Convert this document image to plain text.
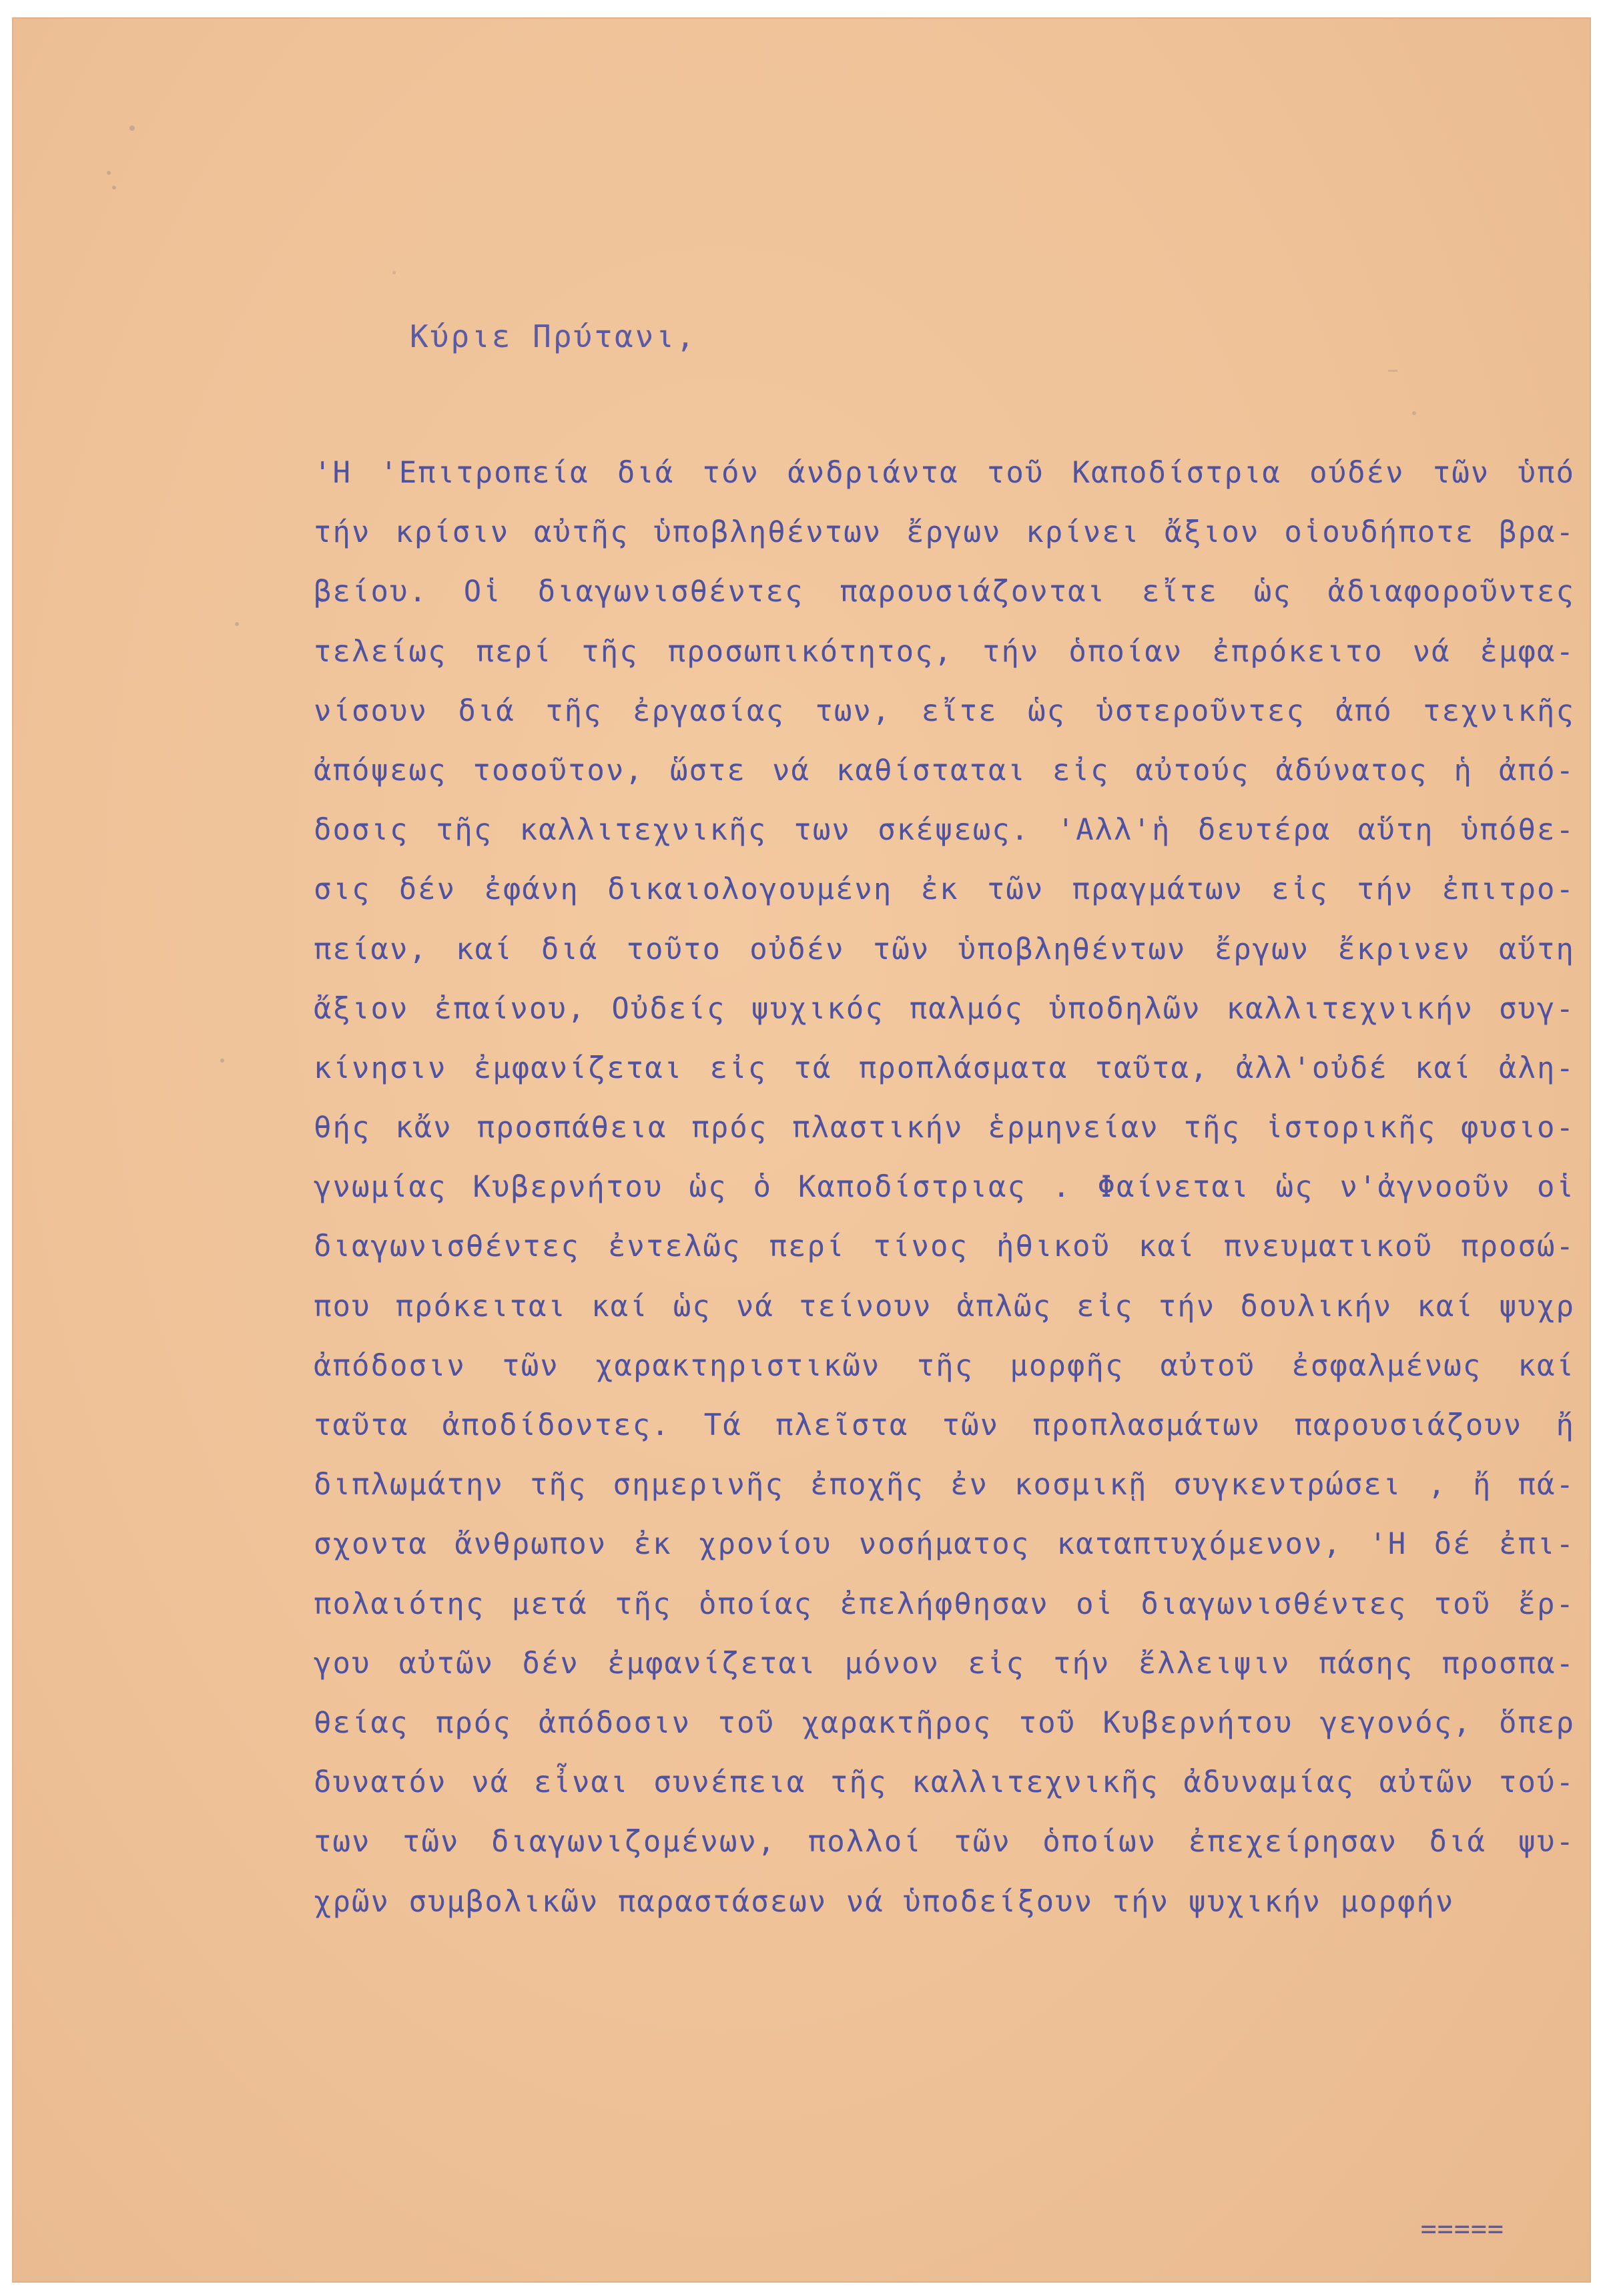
Κύριε Πρύτανι,

'Η 'Επιτροπεία διά τόν άνδριάντα τοῦ Καποδίστρια ούδέν τῶν ὑπό
τήν κρίσιν αὐτῆς ὑποβληθέντων ἔργων κρίνει ἄξιον οἱουδήποτε βρα-
βείου. Οἱ διαγωνισθέντες παρουσιάζονται εἴτε ὡς ἀδιαφοροῦντες
τελείως περί τῆς προσωπικότητος, τήν ὁποίαν ἐπρόκειτο νά ἐμφα-
νίσουν διά τῆς ἐργασίας των, εἴτε ὡς ὑστεροῦντες ἀπό τεχνικῆς
ἀπόψεως τοσοῦτον, ὥστε νά καθίσταται εἰς αὐτούς ἀδύνατος ἡ ἀπό-
δοσις τῆς καλλιτεχνικῆς των σκέψεως. 'Αλλ'ἡ δευτέρα αὕτη ὑπόθε-
σις δέν ἐφάνη δικαιολογουμένη ἐκ τῶν πραγμάτων εἰς τήν ἐπιτρο-
πείαν, καί διά τοῦτο οὐδέν τῶν ὑποβληθέντων ἔργων ἔκρινεν αὕτη
ἄξιον ἐπαίνου, Οὐδείς ψυχικός παλμός ὑποδηλῶν καλλιτεχνικήν συγ-
κίνησιν ἐμφανίζεται εἰς τά προπλάσματα ταῦτα, ἀλλ'οὐδέ καί ἀλη-
θής κἄν προσπάθεια πρός πλαστικήν ἑρμηνείαν τῆς ἱστορικῆς φυσιο-
γνωμίας Κυβερνήτου ὡς ὁ Καποδίστριας . Φαίνεται ὡς ν'ἀγνοοῦν οἱ
διαγωνισθέντες ἐντελῶς περί τίνος ἠθικοῦ καί πνευματικοῦ προσώ-
που πρόκειται καί ὡς νά τείνουν ἁπλῶς εἰς τήν δουλικήν καί ψυχρ
ἀπόδοσιν τῶν χαρακτηριστικῶν τῆς μορφῆς αὐτοῦ ἐσφαλμένως καί
ταῦτα ἀποδίδοντες. Τά πλεῖστα τῶν προπλασμάτων παρουσιάζουν ἤ
διπλωμάτην τῆς σημερινῆς ἐποχῆς ἐν κοσμικῇ συγκεντρώσει , ἤ πά-
σχοντα ἄνθρωπον ἐκ χρονίου νοσήματος καταπτυχόμενον, 'Η δέ ἐπι-
πολαιότης μετά τῆς ὁποίας ἐπελήφθησαν οἱ διαγωνισθέντες τοῦ ἔρ-
γου αὐτῶν δέν ἐμφανίζεται μόνον εἰς τήν ἔλλειψιν πάσης προσπα-
θείας πρός ἀπόδοσιν τοῦ χαρακτῆρος τοῦ Κυβερνήτου γεγονός, ὅπερ
δυνατόν νά εἶναι συνέπεια τῆς καλλιτεχνικῆς ἀδυναμίας αὐτῶν τού-
των τῶν διαγωνιζομένων, πολλοί τῶν ὁποίων ἐπεχείρησαν διά ψυ-
χρῶν συμβολικῶν παραστάσεων νά ὑποδείξουν τήν ψυχικήν μορφήν

=====
